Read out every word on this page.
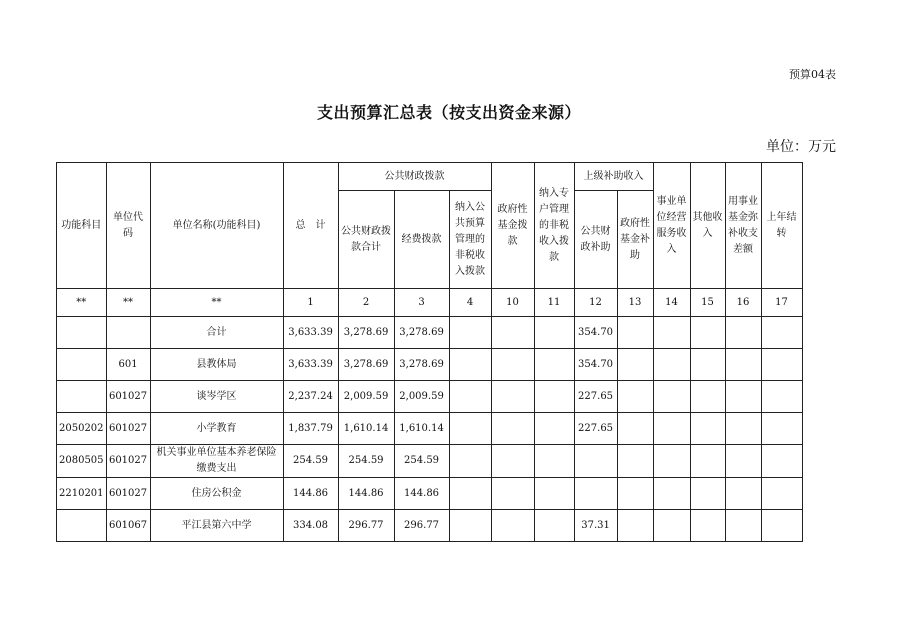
预算04表
支出预算汇总表（按支出资金来源）
单位：万元
功能科目	单位代码	单位名称(功能科目)	总　计	公共财政拨款			政府性基金拨款	纳入专户管理的非税收入拨款	上级补助收入		事业单位经营服务收入	其他收入	用事业基金弥补收支差额	上年结转
				公共财政拨款合计	经费拨款	纳入公共预算管理的非税收入拨款			公共财政补助	政府性基金补助				
**	**	**	1	2	3	4	10	11	12	13	14	15	16	17
		合计	3,633.39	3,278.69	3,278.69				354.70					
	601	县教体局	3,633.39	3,278.69	3,278.69				354.70					
	601027	谈岑学区	2,237.24	2,009.59	2,009.59				227.65					
2050202	601027	小学教育	1,837.79	1,610.14	1,610.14				227.65					
2080505	601027	机关事业单位基本养老保险缴费支出	254.59	254.59	254.59									
2210201	601027	住房公积金	144.86	144.86	144.86									
	601067	平江县第六中学	334.08	296.77	296.77				37.31					
